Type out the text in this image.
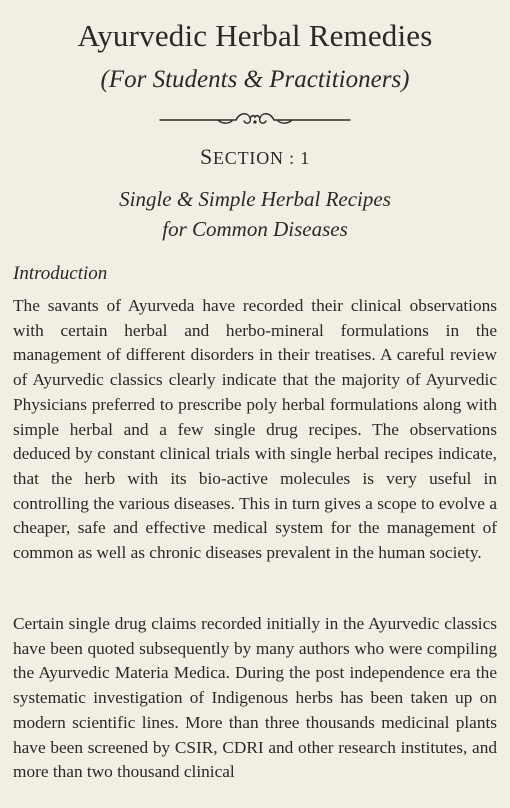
Ayurvedic Herbal Remedies
(For Students & Practitioners)
SECTION : 1
Single & Simple Herbal Recipes
for Common Diseases
Introduction

The savants of Ayurveda have recorded their clinical observations with certain herbal and herbo-mineral formulations in the management of different disorders in their treatises. A careful review of Ayurvedic classics clearly indicate that the majority of Ayurvedic Physicians preferred to prescribe poly herbal formulations along with simple herbal and a few single drug recipes. The observations deduced by constant clinical trials with single herbal recipes indicate, that the herb with its bio-active molecules is very useful in controlling the various diseases. This in turn gives a scope to evolve a cheaper, safe and effective medical system for the management of common as well as chronic diseases prevalent in the human society.

Certain single drug claims recorded initially in the Ayurvedic classics have been quoted subsequently by many authors who were compiling the Ayurvedic Materia Medica. During the post independence era the systematic investigation of Indigenous herbs has been taken up on modern scientific lines. More than three thousands medicinal plants have been screened by CSIR, CDRI and other research institutes, and more than two thousand clinical
